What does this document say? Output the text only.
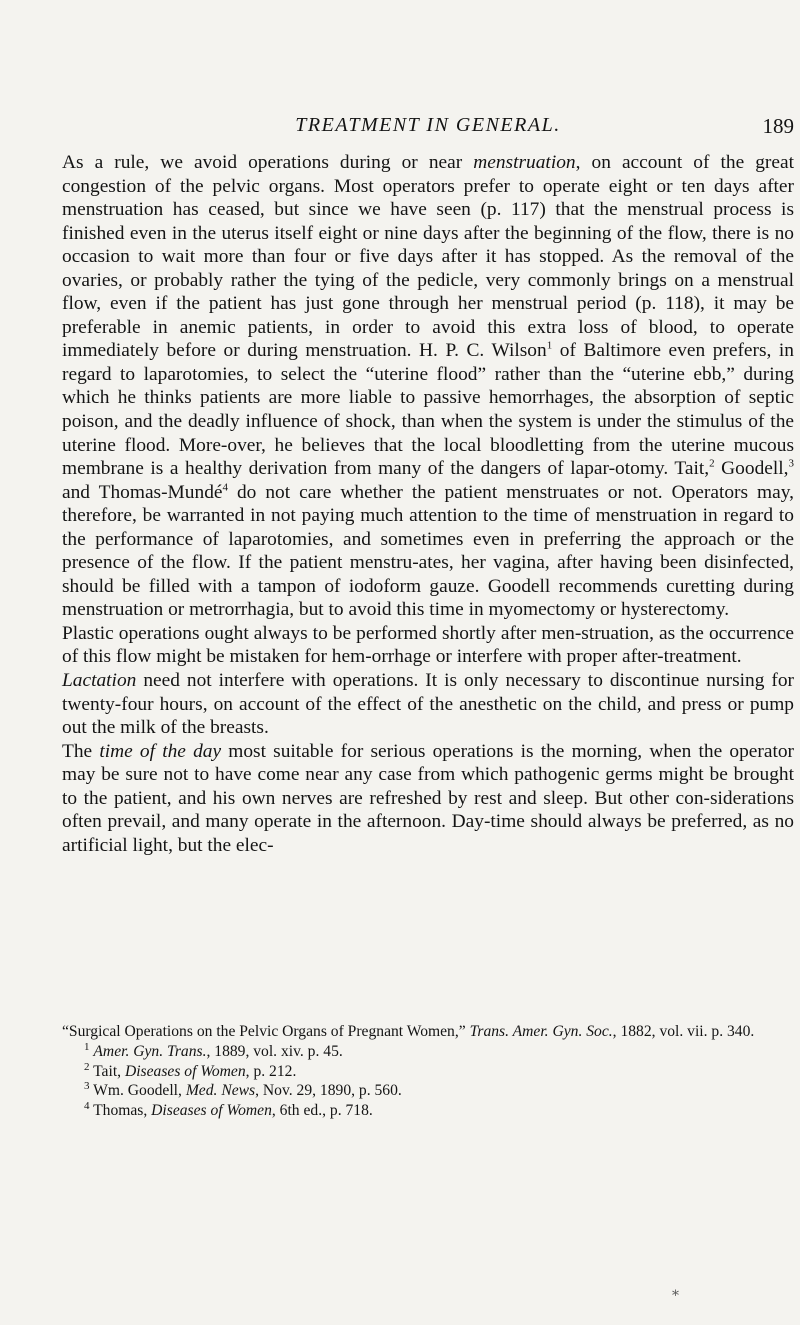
TREATMENT IN GENERAL.	189

As a rule, we avoid operations during or near menstruation, on account of the great congestion of the pelvic organs. Most operators prefer to operate eight or ten days after menstruation has ceased, but since we have seen (p. 117) that the menstrual process is finished even in the uterus itself eight or nine days after the beginning of the flow, there is no occasion to wait more than four or five days after it has stopped. As the removal of the ovaries, or probably rather the tying of the pedicle, very commonly brings on a menstrual flow, even if the patient has just gone through her menstrual period (p. 118), it may be preferable in anemic patients, in order to avoid this extra loss of blood, to operate immediately before or during menstruation. H. P. C. Wilson$^1$ of Baltimore even prefers, in regard to laparotomies, to select the “uterine flood” rather than the “uterine ebb,” during which he thinks patients are more liable to passive hemorrhages, the absorption of septic poison, and the deadly influence of shock, than when the system is under the stimulus of the uterine flood. More-over, he believes that the local bloodletting from the uterine mucous membrane is a healthy derivation from many of the dangers of lapar-otomy. Tait,$^2$ Goodell,$^3$ and Thomas-Mundé$^4$ do not care whether the patient menstruates or not. Operators may, therefore, be warranted in not paying much attention to the time of menstruation in regard to the performance of laparotomies, and sometimes even in preferring the approach or the presence of the flow. If the patient menstru-ates, her vagina, after having been disinfected, should be filled with a tampon of iodoform gauze. Goodell recommends curetting during menstruation or metrorrhagia, but to avoid this time in myomectomy or hysterectomy.

Plastic operations ought always to be performed shortly after men-struation, as the occurrence of this flow might be mistaken for hem-orrhage or interfere with proper after-treatment.

Lactation need not interfere with operations. It is only necessary to discontinue nursing for twenty-four hours, on account of the effect of the anesthetic on the child, and press or pump out the milk of the breasts.

The time of the day most suitable for serious operations is the morning, when the operator may be sure not to have come near any case from which pathogenic germs might be brought to the patient, and his own nerves are refreshed by rest and sleep. But other con-siderations often prevail, and many operate in the afternoon. Day-time should always be preferred, as no artificial light, but the elec-

“Surgical Operations on the Pelvic Organs of Pregnant Women,” Trans. Amer. Gyn. Soc., 1882, vol. vii. p. 340.

$^1$ Amer. Gyn. Trans., 1889, vol. xiv. p. 45.

$^2$ Tait, Diseases of Women, p. 212.

$^3$ Wm. Goodell, Med. News, Nov. 29, 1890, p. 560.

$^4$ Thomas, Diseases of Women, 6th ed., p. 718.

*
